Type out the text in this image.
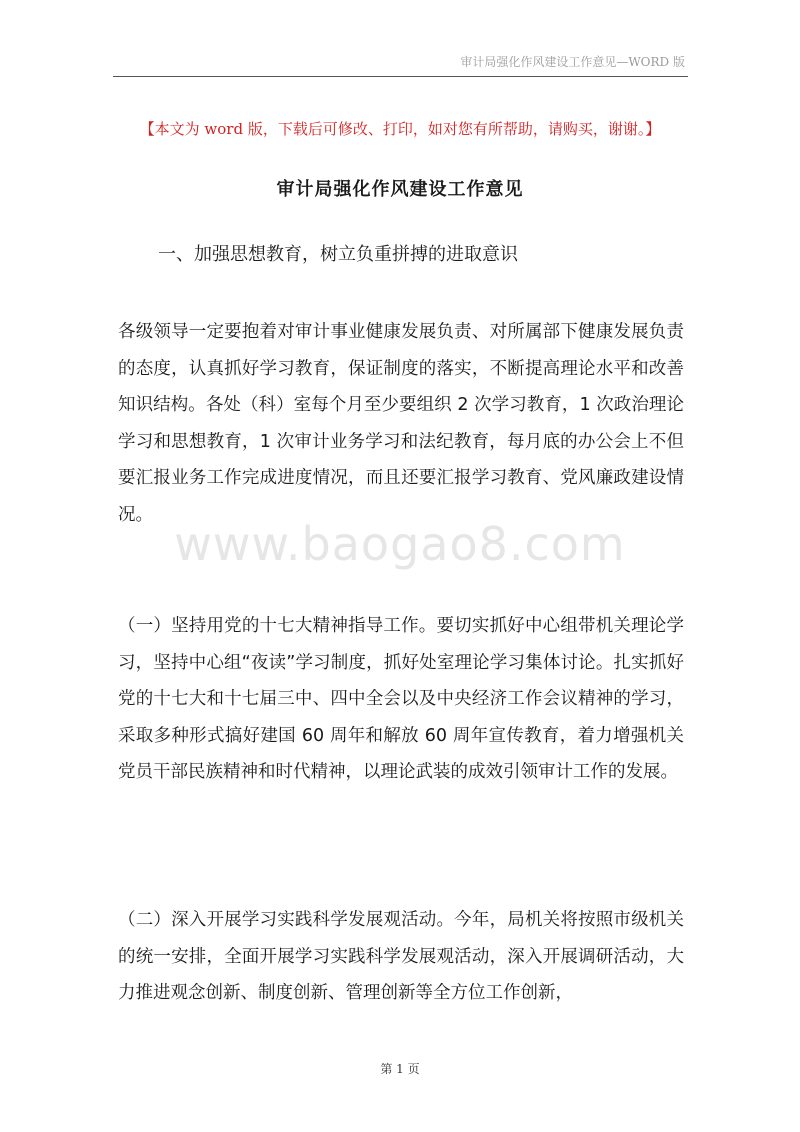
审计局强化作风建设工作意见—WORD 版
【本文为 word 版，下载后可修改、打印，如对您有所帮助，请购买，谢谢。】
审计局强化作风建设工作意见
一、加强思想教育，树立负重拼搏的进取意识

各级领导一定要抱着对审计事业健康发展负责、对所属部下健康发展负责的态度，认真抓好学习教育，保证制度的落实，不断提高理论水平和改善知识结构。各处（科）室每个月至少要组织 2 次学习教育，1 次政治理论学习和思想教育，1 次审计业务学习和法纪教育，每月底的办公会上不但要汇报业务工作完成进度情况，而且还要汇报学习教育、党风廉政建设情况。

（一）坚持用党的十七大精神指导工作。要切实抓好中心组带机关理论学习，坚持中心组“夜读”学习制度，抓好处室理论学习集体讨论。扎实抓好党的十七大和十七届三中、四中全会以及中央经济工作会议精神的学习，采取多种形式搞好建国 60 周年和解放 60 周年宣传教育，着力增强机关党员干部民族精神和时代精神，以理论武装的成效引领审计工作的发展。

（二）深入开展学习实践科学发展观活动。今年，局机关将按照市级机关的统一安排，全面开展学习实践科学发展观活动，深入开展调研活动，大力推进观念创新、制度创新、管理创新等全方位工作创新，

www.baogao8.com
第 1 页
